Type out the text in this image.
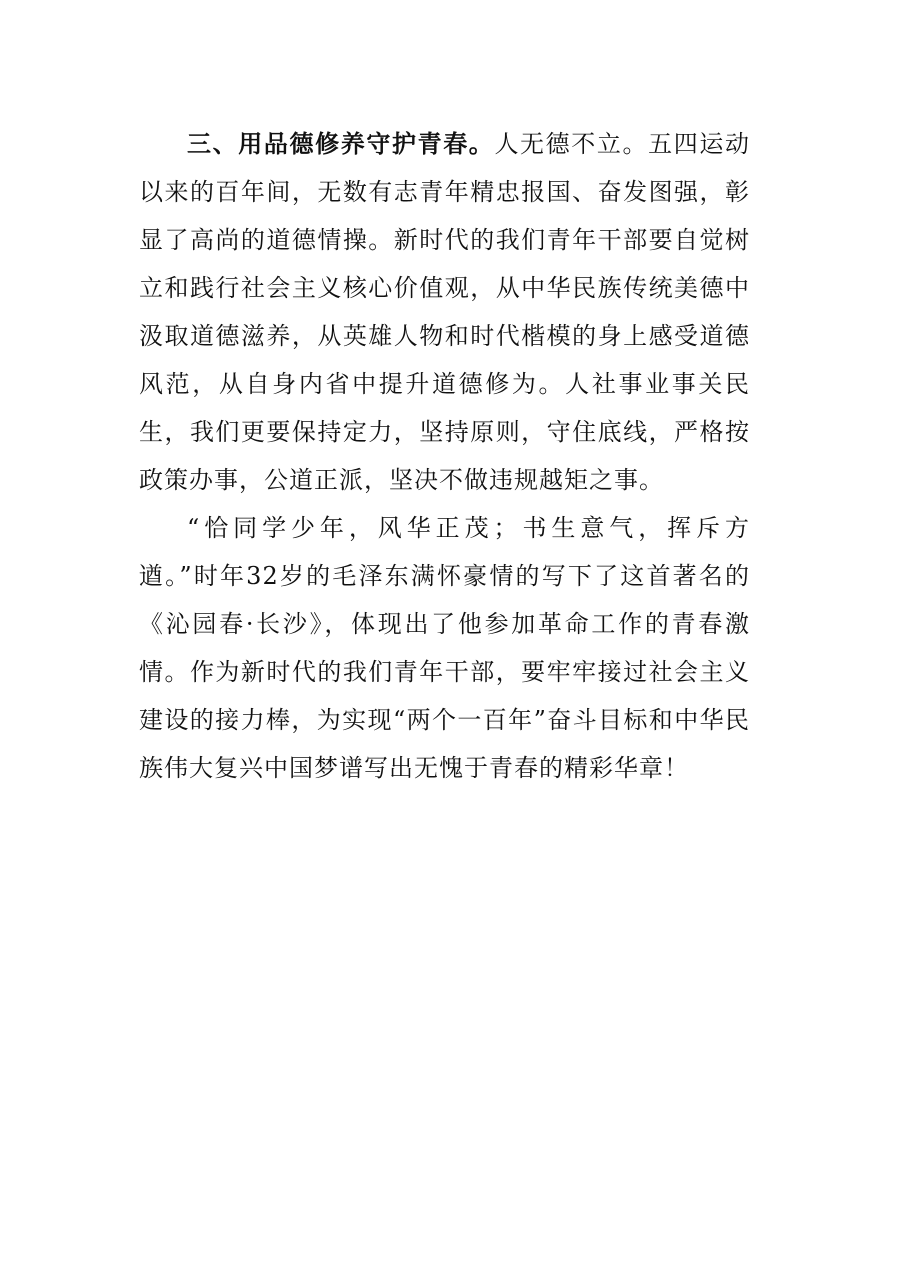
三、用品德修养守护青春。人无德不立。五四运动以来的百年间，无数有志青年精忠报国、奋发图强，彰显了高尚的道德情操。新时代的我们青年干部要自觉树立和践行社会主义核心价值观，从中华民族传统美德中汲取道德滋养，从英雄人物和时代楷模的身上感受道德风范，从自身内省中提升道德修为。人社事业事关民生，我们更要保持定力，坚持原则，守住底线，严格按政策办事，公道正派，坚决不做违规越矩之事。

“恰同学少年，风华正茂；书生意气，挥斥方遒。”时年32岁的毛泽东满怀豪情的写下了这首著名的《沁园春·长沙》，体现出了他参加革命工作的青春激情。作为新时代的我们青年干部，要牢牢接过社会主义建设的接力棒，为实现“两个一百年”奋斗目标和中华民族伟大复兴中国梦谱写出无愧于青春的精彩华章！
